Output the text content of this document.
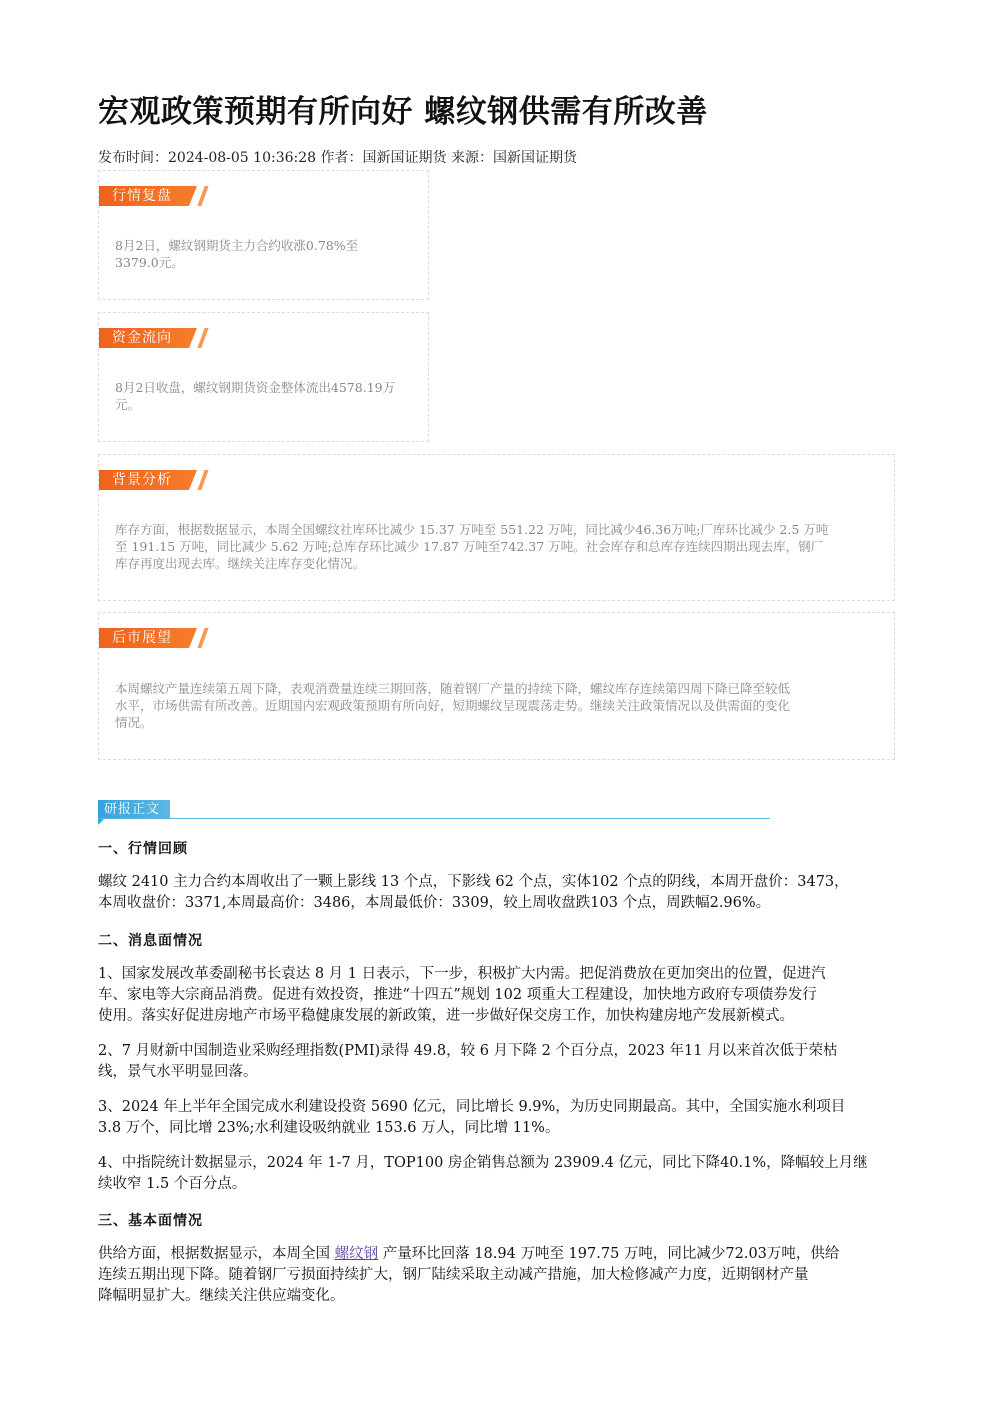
宏观政策预期有所向好 螺纹钢供需有所改善
发布时间：2024-08-05 10:36:28 作者：国新国证期货 来源：国新国证期货
行情复盘
8月2日，螺纹钢期货主力合约收涨0.78%至
3379.0元。
资金流向
8月2日收盘，螺纹钢期货资金整体流出4578.19万
元。
背景分析
库存方面，根据数据显示，本周全国螺纹社库环比减少 15.37 万吨至 551.22 万吨，同比减少46.36万吨;厂库环比减少 2.5 万吨
至 191.15 万吨，同比减少 5.62 万吨;总库存环比减少 17.87 万吨至742.37 万吨。社会库存和总库存连续四期出现去库，钢厂
库存再度出现去库。继续关注库存变化情况。
后市展望
本周螺纹产量连续第五周下降，表观消费量连续三期回落，随着钢厂产量的持续下降，螺纹库存连续第四周下降已降至较低
水平，市场供需有所改善。近期国内宏观政策预期有所向好，短期螺纹呈现震荡走势。继续关注政策情况以及供需面的变化
情况。
研报正文
一、行情回顾
螺纹 2410 主力合约本周收出了一颗上影线 13 个点，下影线 62 个点，实体102 个点的阴线，本周开盘价：3473，
本周收盘价：3371,本周最高价：3486，本周最低价：3309，较上周收盘跌103 个点，周跌幅2.96%。
二、消息面情况
1、国家发展改革委副秘书长袁达 8 月 1 日表示，下一步，积极扩大内需。把促消费放在更加突出的位置，促进汽
车、家电等大宗商品消费。促进有效投资，推进“十四五”规划 102 项重大工程建设，加快地方政府专项债券发行
使用。落实好促进房地产市场平稳健康发展的新政策，进一步做好保交房工作，加快构建房地产发展新模式。
2、7 月财新中国制造业采购经理指数(PMI)录得 49.8，较 6 月下降 2 个百分点，2023 年11 月以来首次低于荣枯
线，景气水平明显回落。
3、2024 年上半年全国完成水利建设投资 5690 亿元，同比增长 9.9%，为历史同期最高。其中，全国实施水利项目
3.8 万个，同比增 23%;水利建设吸纳就业 153.6 万人，同比增 11%。
4、中指院统计数据显示，2024 年 1-7 月，TOP100 房企销售总额为 23909.4 亿元，同比下降40.1%，降幅较上月继
续收窄 1.5 个百分点。
三、基本面情况
供给方面，根据数据显示，本周全国 螺纹钢 产量环比回落 18.94 万吨至 197.75 万吨，同比减少72.03万吨，供给
连续五期出现下降。随着钢厂亏损面持续扩大，钢厂陆续采取主动减产措施，加大检修减产力度，近期钢材产量
降幅明显扩大。继续关注供应端变化。
